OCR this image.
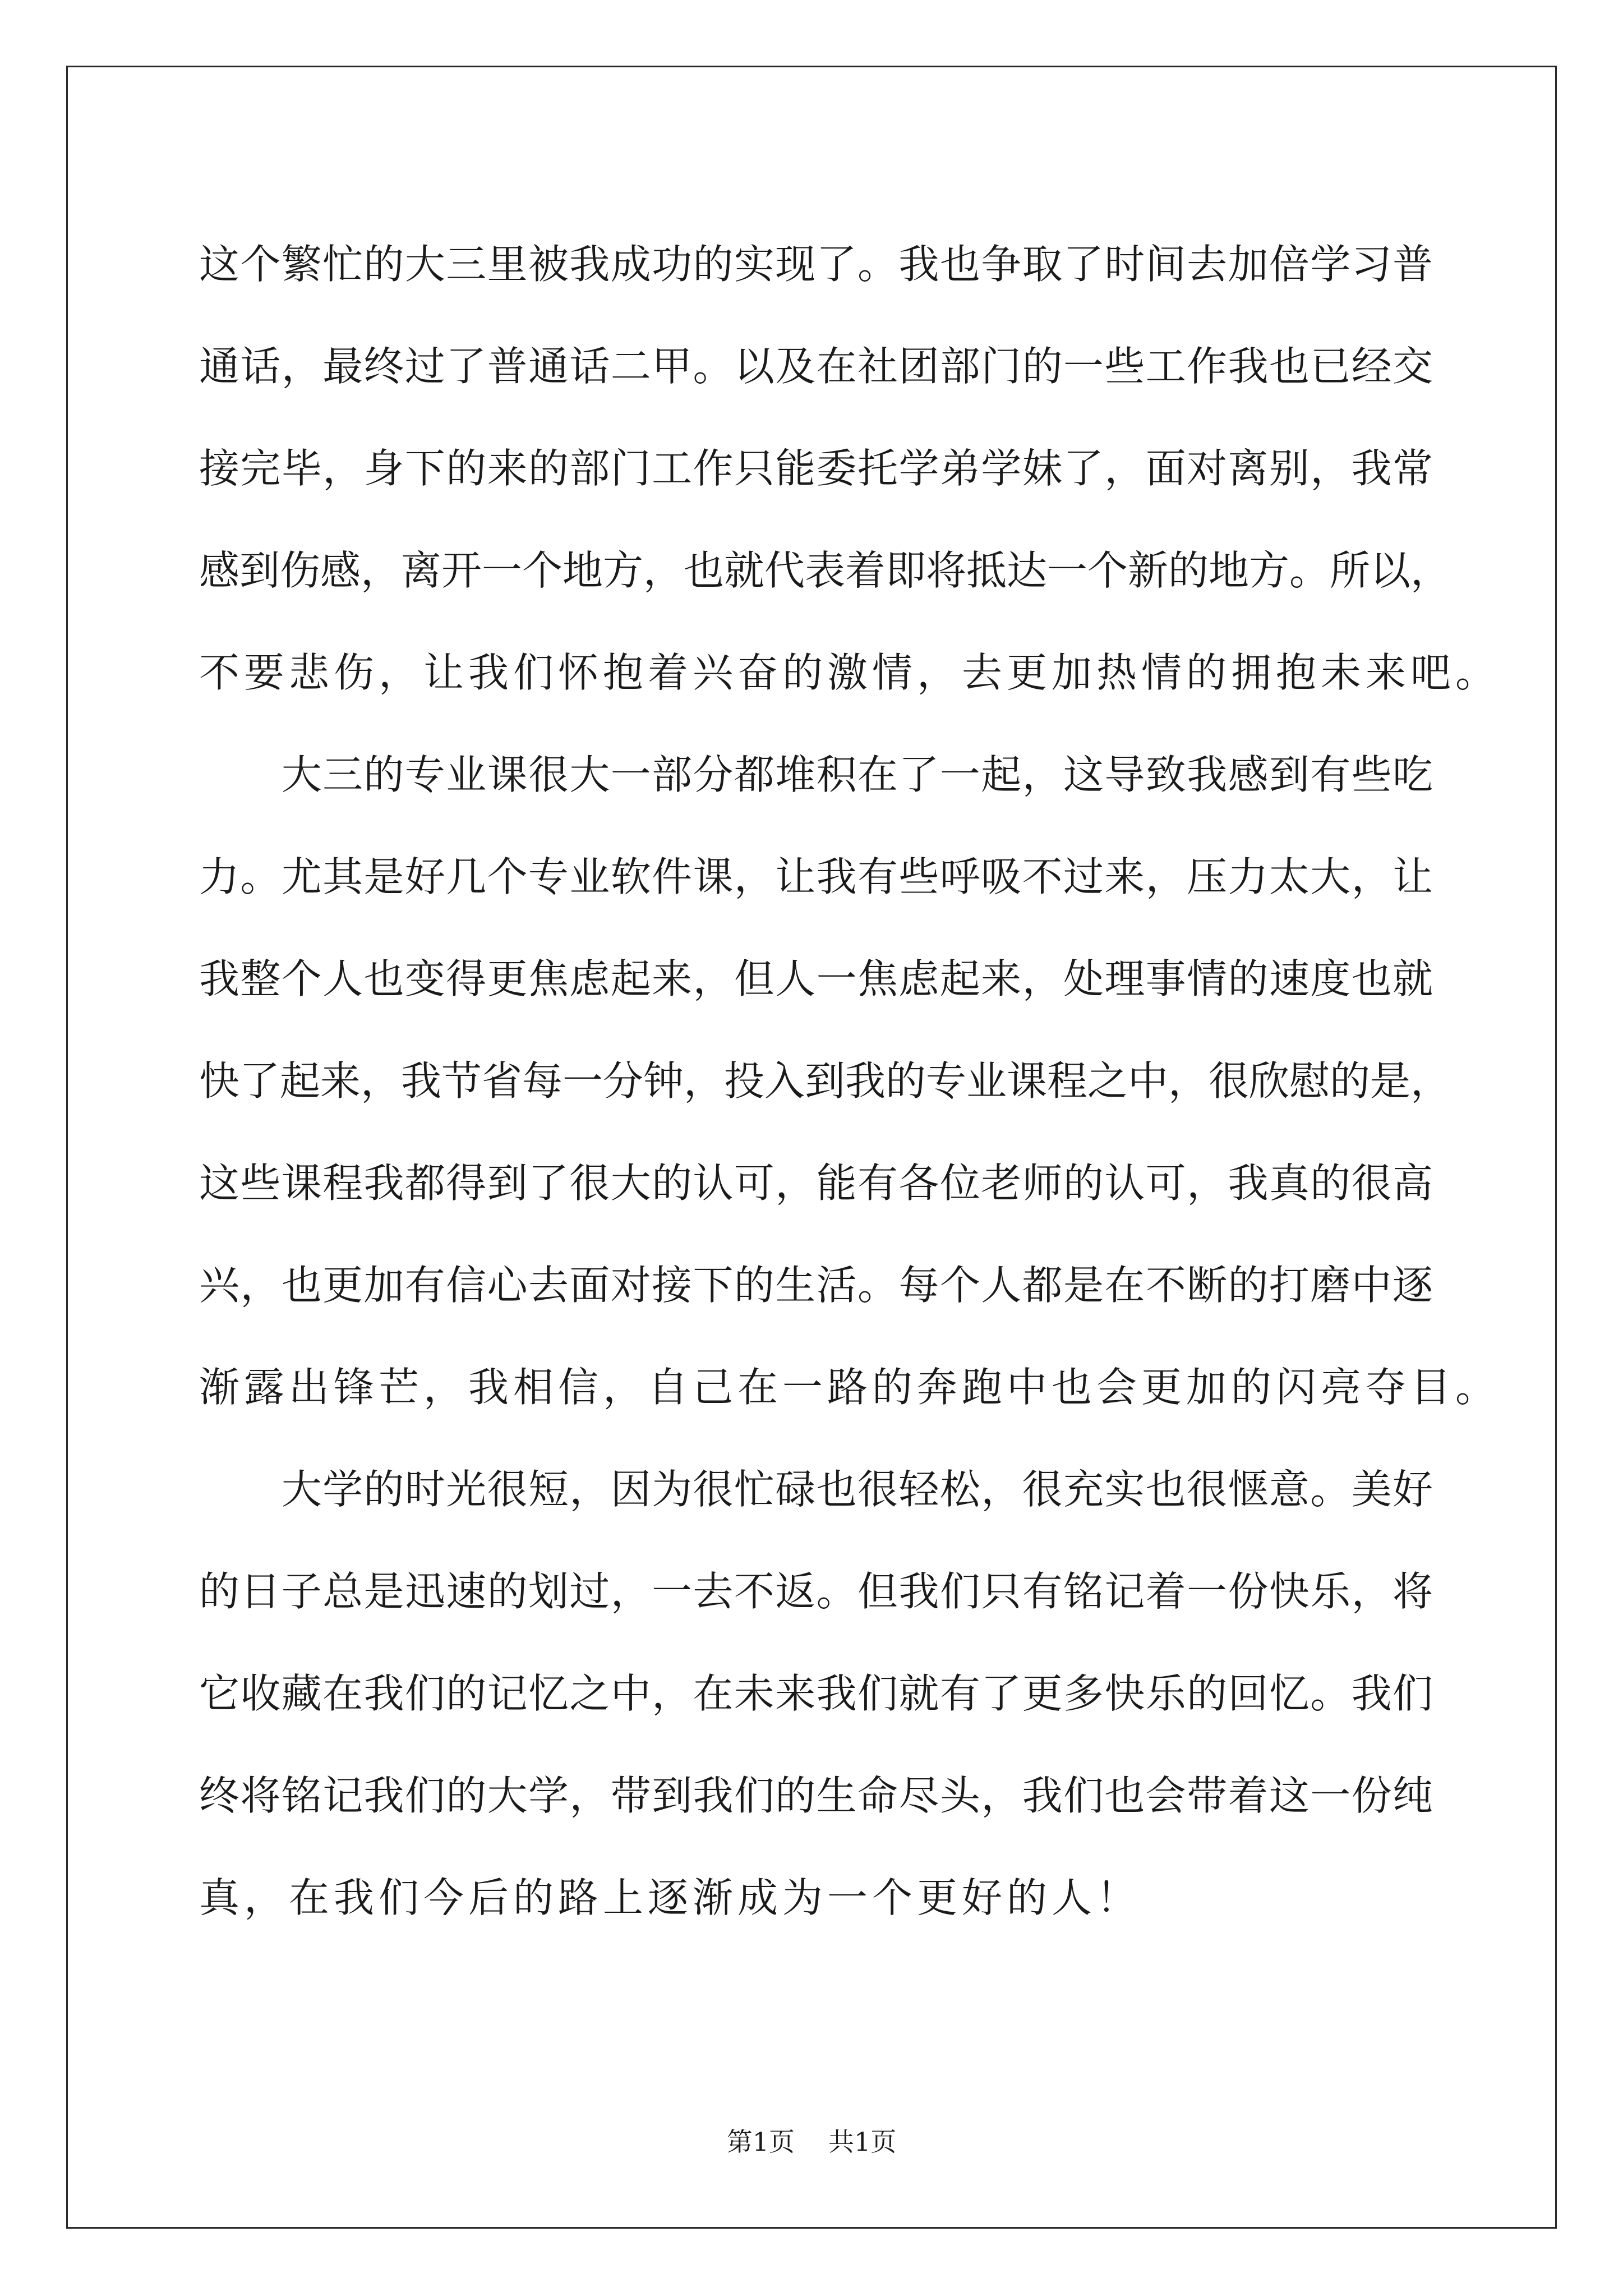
这个繁忙的大三里被我成功的实现了。我也争取了时间去加倍学习普
通话，最终过了普通话二甲。以及在社团部门的一些工作我也已经交
接完毕，身下的来的部门工作只能委托学弟学妹了，面对离别，我常
感到伤感，离开一个地方，也就代表着即将抵达一个新的地方。所以，
不要悲伤，让我们怀抱着兴奋的激情，去更加热情的拥抱未来吧。
　　大三的专业课很大一部分都堆积在了一起，这导致我感到有些吃
力。尤其是好几个专业软件课，让我有些呼吸不过来，压力太大，让
我整个人也变得更焦虑起来，但人一焦虑起来，处理事情的速度也就
快了起来，我节省每一分钟，投入到我的专业课程之中，很欣慰的是，
这些课程我都得到了很大的认可，能有各位老师的认可，我真的很高
兴，也更加有信心去面对接下的生活。每个人都是在不断的打磨中逐
渐露出锋芒，我相信，自己在一路的奔跑中也会更加的闪亮夺目。
　　大学的时光很短，因为很忙碌也很轻松，很充实也很惬意。美好
的日子总是迅速的划过，一去不返。但我们只有铭记着一份快乐，将
它收藏在我们的记忆之中，在未来我们就有了更多快乐的回忆。我们
终将铭记我们的大学，带到我们的生命尽头，我们也会带着这一份纯
真，在我们今后的路上逐渐成为一个更好的人！
第1页 共1页
